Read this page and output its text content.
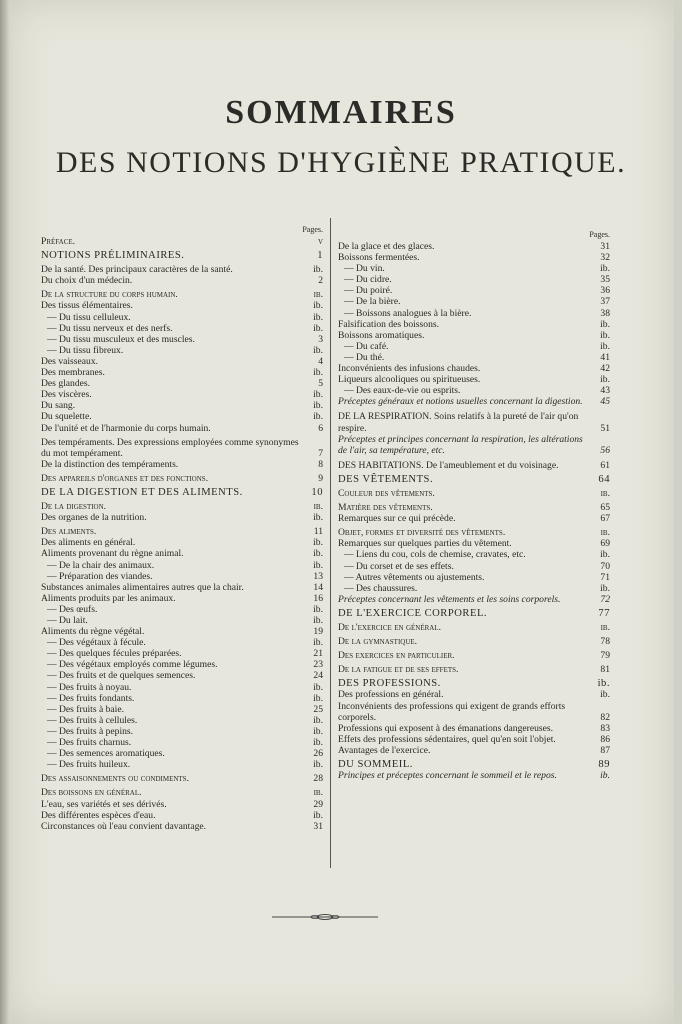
SOMMAIRES
DES NOTIONS D'HYGIÈNE PRATIQUE.
Pages.
Préface.	v
NOTIONS PRÉLIMINAIRES.	1
De la santé. Des principaux caractères de la santé.	ib.
Du choix d'un médecin.	2
De la structure du corps humain.	ib.
Des tissus élémentaires.	ib.
— Du tissu celluleux.	ib.
— Du tissu nerveux et des nerfs.	ib.
— Du tissu musculeux et des muscles.	3
— Du tissu fibreux.	ib.
Des vaisseaux.	4
Des membranes.	ib.
Des glandes.	5
Des viscères.	ib.
Du sang.	ib.
Du squelette.	ib.
De l'unité et de l'harmonie du corps humain.	6
Des tempéraments. Des expressions employées comme synonymes du mot tempérament.	7
De la distinction des tempéraments.	8
Des appareils d'organes et des fonctions.	9
DE LA DIGESTION ET DES ALIMENTS.	10
De la digestion.	ib.
Des organes de la nutrition.	ib.
Des aliments.	11
Des aliments en général.	ib.
Aliments provenant du règne animal.	ib.
— De la chair des animaux.	ib.
— Préparation des viandes.	13
Substances animales alimentaires autres que la chair.	14
Aliments produits par les animaux.	16
— Des œufs.	ib.
— Du lait.	ib.
Aliments du règne végétal.	19
— Des végétaux à fécule.	ib.
— Des quelques fécules préparées.	21
— Des végétaux employés comme légumes.	23
— Des fruits et de quelques semences.	24
— Des fruits à noyau.	ib.
— Des fruits fondants.	ib.
— Des fruits à baie.	25
— Des fruits à cellules.	ib.
— Des fruits à pepins.	ib.
— Des fruits charnus.	ib.
— Des semences aromatiques.	26
— Des fruits huileux.	ib.
Des assaisonnements ou condiments.	28
Des boissons en général.	ib.
L'eau, ses variétés et ses dérivés.	29
Des différentes espèces d'eau.	ib.
Circonstances où l'eau convient davantage.	31
Pages.
De la glace et des glaces.	31
Boissons fermentées.	32
— Du vin.	ib.
— Du cidre.	35
— Du poiré.	36
— De la bière.	37
— Boissons analogues à la bière.	38
Falsification des boissons.	ib.
Boissons aromatiques.	ib.
— Du café.	ib.
— Du thé.	41
Inconvénients des infusions chaudes.	42
Liqueurs alcooliques ou spiritueuses.	ib.
— Des eaux-de-vie ou esprits.	43
Préceptes généraux et notions usuelles concernant la digestion.	45
DE LA RESPIRATION. Soins relatifs à la pureté de l'air qu'on respire.	51
Préceptes et principes concernant la respiration, les altérations de l'air, sa température, etc.	56
DES HABITATIONS. De l'ameublement et du voisinage.	61
DES VÊTEMENTS.	64
Couleur des vêtements.	ib.
Matière des vêtements.	65
Remarques sur ce qui précède.	67
Objet, formes et diversité des vêtements.	ib.
Remarques sur quelques parties du vêtement.	69
— Liens du cou, cols de chemise, cravates, etc.	ib.
— Du corset et de ses effets.	70
— Autres vêtements ou ajustements.	71
— Des chaussures.	ib.
Préceptes concernant les vêtements et les soins corporels.	72
DE L'EXERCICE CORPOREL.	77
De l'exercice en général.	ib.
De la gymnastique.	78
Des exercices en particulier.	79
De la fatigue et de ses effets.	81
DES PROFESSIONS.	ib.
Des professions en général.	ib.
Inconvénients des professions qui exigent de grands efforts corporels.	82
Professions qui exposent à des émanations dangereuses.	83
Effets des professions sédentaires, quel qu'en soit l'objet.	86
Avantages de l'exercice.	87
DU SOMMEIL.	89
Principes et préceptes concernant le sommeil et le repos.	ib.
